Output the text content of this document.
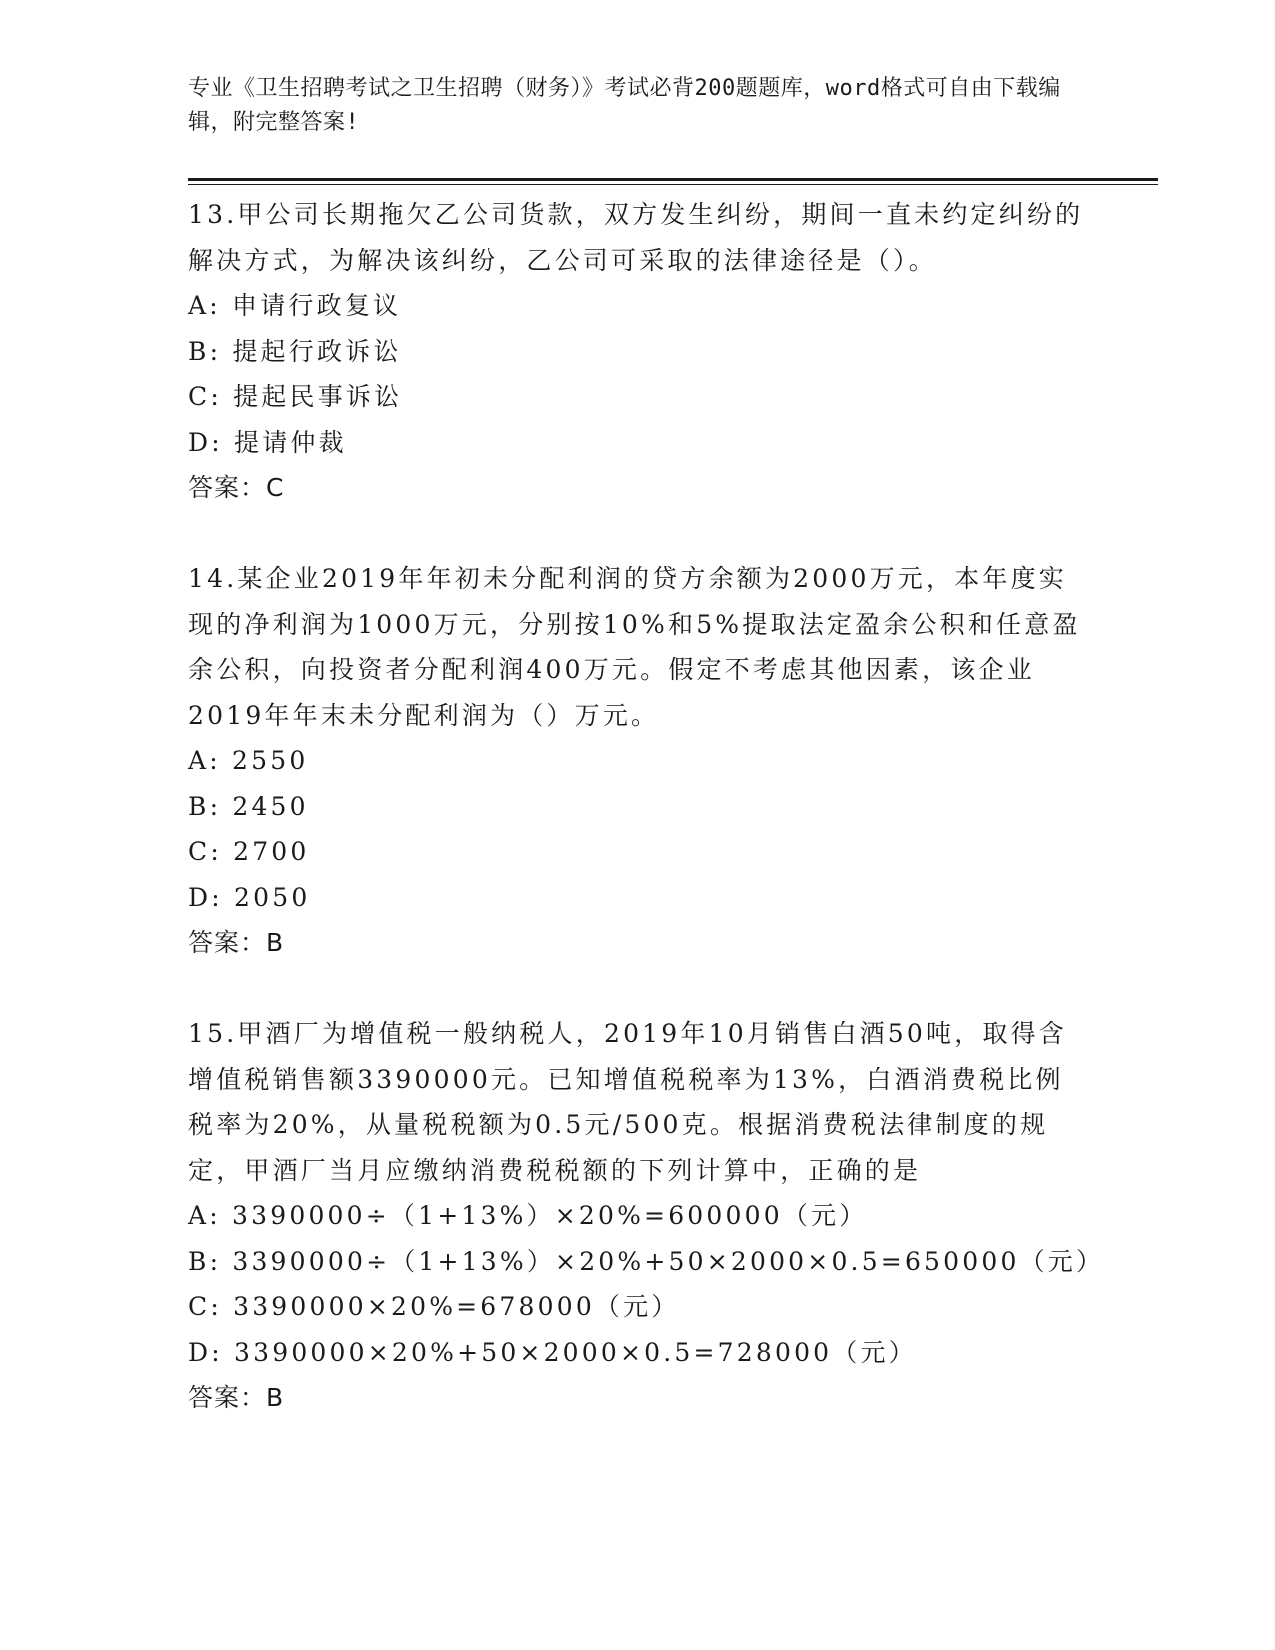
专业《卫生招聘考试之卫生招聘（财务）》考试必背200题题库，word格式可自由下载编辑，附完整答案!

13.甲公司长期拖欠乙公司货款，双方发生纠纷，期间一直未约定纠纷的解决方式，为解决该纠纷，乙公司可采取的法律途径是（）。

A: 申请行政复议

B: 提起行政诉讼

C: 提起民事诉讼

D: 提请仲裁

答案：C

14.某企业2019年年初未分配利润的贷方余额为2000万元，本年度实现的净利润为1000万元，分别按10%和5%提取法定盈余公积和任意盈余公积，向投资者分配利润400万元。假定不考虑其他因素，该企业2019年年末未分配利润为（）万元。

A: 2550

B: 2450

C: 2700

D: 2050

答案：B

15.甲酒厂为增值税一般纳税人，2019年10月销售白酒50吨，取得含增值税销售额3390000元。已知增值税税率为13%，白酒消费税比例税率为20%，从量税税额为0.5元/500克。根据消费税法律制度的规定，甲酒厂当月应缴纳消费税税额的下列计算中，正确的是

A: 3390000÷（1+13%）×20%=600000（元）

B: 3390000÷（1+13%）×20%+50×2000×0.5=650000（元）

C: 3390000×20%=678000（元）

D: 3390000×20%+50×2000×0.5=728000（元）

答案：B
